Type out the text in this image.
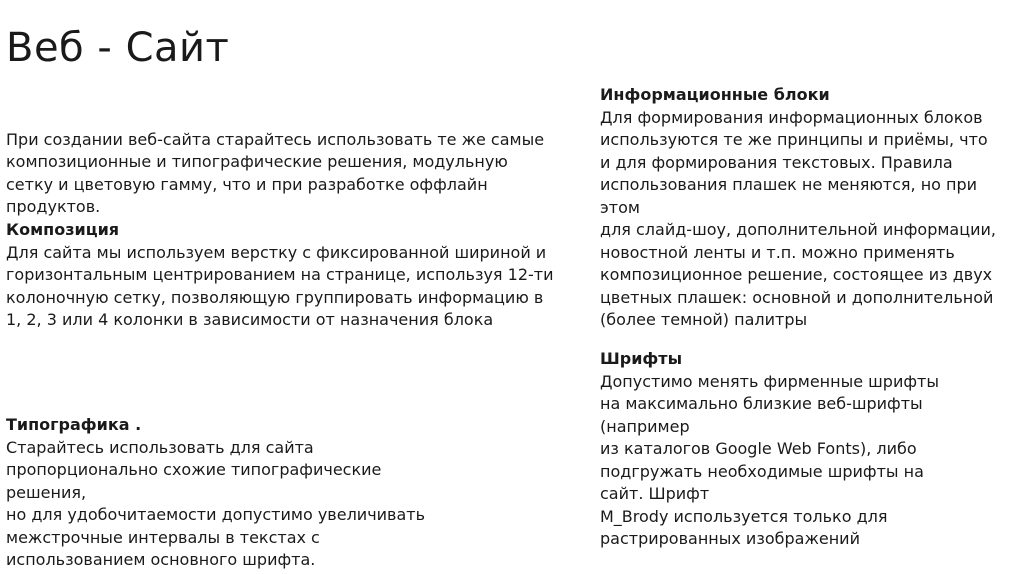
Веб - Сайт

При создании веб-сайта старайтесь использовать те же самые
композиционные и типографические решения, модульную
сетку и цветовую гамму, что и при разработке оффлайн
продуктов.

Композиция
Для сайта мы используем верстку с фиксированной шириной и
горизонтальным центрированием на странице, используя 12-ти
колоночную сетку, позволяющую группировать информацию в
1, 2, 3 или 4 колонки в зависимости от назначения блока
Типографика .
Старайтесь использовать для сайта
пропорционально схожие типографические
решения,
но для удобочитаемости допустимо увеличивать
межстрочные интервалы в текстах с
использованием основного шрифта.
Информационные блоки
Для формирования информационных блоков
используются те же принципы и приёмы, что
и для формирования текстовых. Правила
использования плашек не меняются, но при этом
для слайд-шоу, дополнительной информации,
новостной ленты и т.п. можно применять
композиционное решение, состоящее из двух
цветных плашек: основной и дополнительной
(более темной) палитры
Шрифты
Допустимо менять фирменные шрифты
на максимально близкие веб-шрифты
(например
из каталогов Google Web Fonts), либо
подгружать необходимые шрифты на
сайт. Шрифт
M_Brody используется только для
растрированных изображений
